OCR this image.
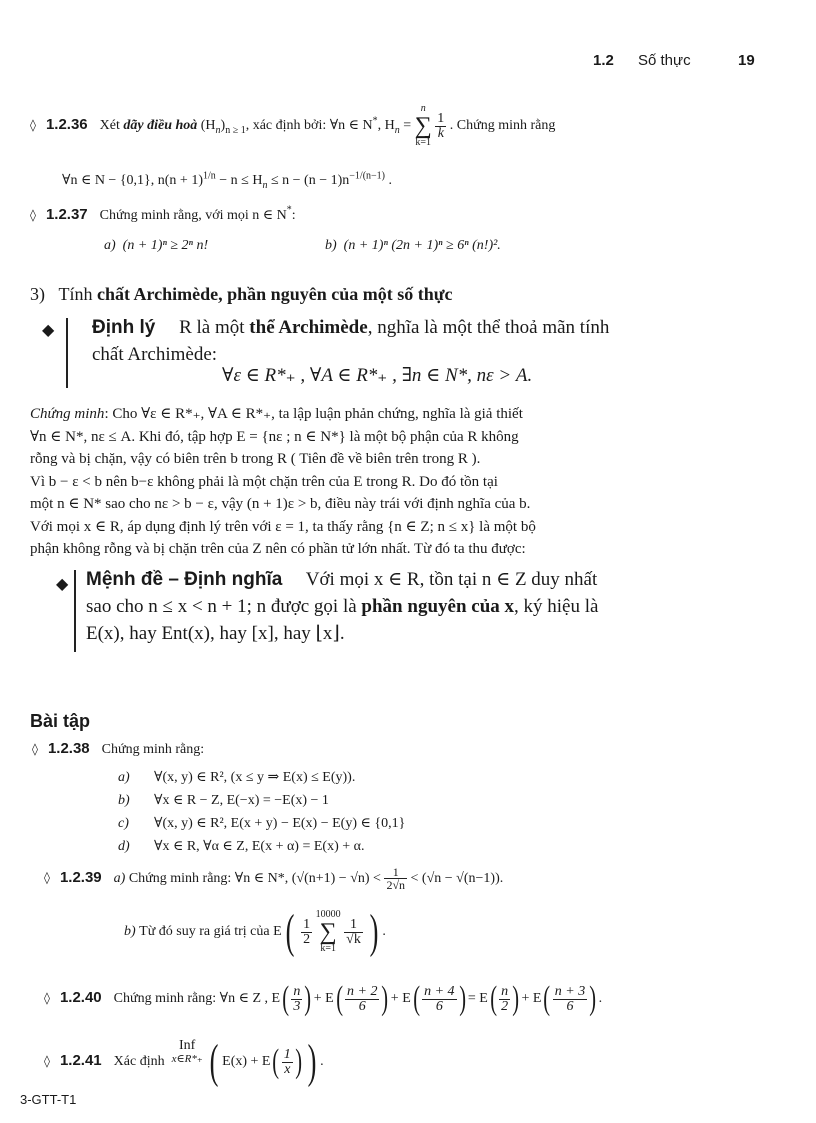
1.2 Số thực	19
◊ 1.2.36 Xét dãy điều hoà $(H_n)_{n \ge 1}$, xác định bởi: ∀n ∈ N*, $H_n$ =
n
∑
k=1

$\frac{1}{k}$ . Chứng minh rằng
∀n ∈ N − {0,1}, $n(n + 1)^{1/n} - n \le H_n \le n - (n - 1)n^{-1/(n-1)}$ .
◊ 1.2.37 Chứng minh rằng, với mọi n ∈ N*:
a) (n + 1)ⁿ ≥ 2ⁿ n!	b) (n + 1)ⁿ (2n + 1)ⁿ ≥ 6ⁿ (n!)².
3) Tính chất Archimède, phần nguyên của một số thực
◆ Định lý R là một thể Archimède, nghĩa là một thể thoả mãn tính
chất Archimède:
∀ε ∈ R*₊ , ∀A ∈ R*₊ , ∃n ∈ N*, nε > A.
Chứng minh: Cho ∀ε ∈ R*₊, ∀A ∈ R*₊, ta lập luận phản chứng, nghĩa là giả thiết
∀n ∈ N*, nε ≤ A. Khi đó, tập hợp E = {nε ; n ∈ N*} là một bộ phận của R không
rỗng và bị chặn, vậy có biên trên b trong R ( Tiên đề về biên trên trong R ).
Vì b − ε < b nên b−ε không phải là một chặn trên của E trong R. Do đó tồn tại
một n ∈ N* sao cho nε > b − ε, vậy (n + 1)ε > b, điều này trái với định nghĩa của b.
Với mọi x ∈ R, áp dụng định lý trên với ε = 1, ta thấy rằng {n ∈ Z; n ≤ x} là một bộ
phận không rỗng và bị chặn trên của Z nên có phần tử lớn nhất. Từ đó ta thu được:
◆ Mệnh đề – Định nghĩa Với mọi x ∈ R, tồn tại n ∈ Z duy nhất
sao cho n ≤ x < n + 1; n được gọi là phần nguyên của x, ký hiệu là
E(x), hay Ent(x), hay [x], hay ⌊x⌋.
Bài tập
◊ 1.2.38 Chứng minh rằng:
a) ∀(x, y) ∈ R², (x ≤ y ⇒ E(x) ≤ E(y)).
b) ∀x ∈ R − Z, E(−x) = −E(x) − 1
c) ∀(x, y) ∈ R², E(x + y) − E(x) − E(y) ∈ {0,1}
d) ∀x ∈ R, ∀α ∈ Z, E(x + α) = E(x) + α.
◊ 1.2.39 a) Chứng minh rằng: ∀n ∈ N*, $(√(n+1) - √n) < \frac{1}{2√n} < (√n - √(n-1))$.
b) Từ đó suy ra giá trị của $E( \frac{1}{2}$

10000
∑
k=1

$\frac{1}{√k}$ ) .
◊ 1.2.40 Chứng minh rằng: ∀n ∈ Z , $E( \frac{n}{3}$ ) + $E( \frac{n + 2}{6}$ ) + $E( \frac{n + 4}{6}$ ) = $E( \frac{n}{2}$ ) + $E( \frac{n + 3}{6}$ ) .
◊ 1.2.41 Xác định
Inf
x∈R*₊ ( $E(x) + E( \frac{1}{x}$ ) ) .
3-GTT-T1
